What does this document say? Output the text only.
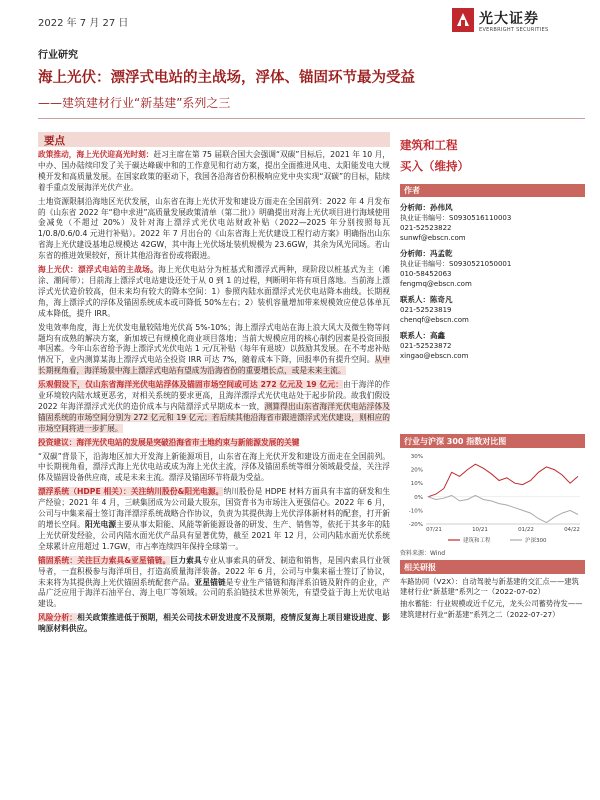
2022 年 7 月 27 日	光大证券
EVERBRIGHT SECURITIES
行业研究
海上光伏：漂浮式电站的主战场，浮体、锚固环节最为受益
——建筑建材行业“新基建”系列之三
要点

政策推动，海上光伏迎高光时刻：赶习主席在第 75 届联合国大会强调“双碳”目标后，2021 年 10 月，中办、国办陆续印发了关于碳达峰碳中和的工作意见和行动方案，提出全面推进风电、太阳能发电大规模开发和高质量发展。在国家政策的驱动下，我国各沿海省份积极响应党中央实现“双碳”的目标，陆续着手重点发展海洋光伏产业。

土地资源限制沿海地区光伏发展，山东省在海上光伏开发和建设方面走在全国前列：2022 年 4 月发布的《山东省 2022 年“稳中求进”高质量发展政策清单（第二批）》明确提出对海上光伏项目进行海域使用金减免（不超过 20%）及针对海上漂浮式光伏电站财政补贴（2022—2025 年分别按照每瓦 1/0.8/0.6/0.4 元进行补贴）。2022 年 7 月出台的《山东省海上光伏建设工程行动方案》明确指出山东省海上光伏建设基地总规模达 42GW，其中海上光伏场址装机规模为 23.6GW，其余为风光同场。若山东省的推进效果较好，预计其他沿海省份或将跟进。

海上光伏：漂浮式电站的主战场。海上光伏电站分为桩基式和漂浮式两种，现阶段以桩基式为主（滩涂、潮间带）；目前海上漂浮式电站建设还处于从 0 到 1 的过程，判断明年将有项目落地。当前海上漂浮式光伏造价较高，但未来均有较大的降本空间：1）参照内陆水面漂浮式光伏电站降本曲线。长期视角，海上漂浮式的浮体及锚固系统成本或可降低 50%左右；2）装机容量增加带来规模效应使总体单瓦成本降低，提升 IRR。

发电效率角度，海上光伏发电量较陆地光伏高 5%-10%；海上漂浮式电站在海上浪大风大及微生物等问题均有成熟的解决方案，新加坡已有规模化商业项目落地；当前大规模应用的核心制约因素是投资回报率因素。今年山东省给予海上漂浮式光伏电站 1 元/瓦补贴（每年有退坡）以鼓励其发展。在不考虑补贴情况下，业内测算某海上漂浮式电站全投资 IRR 可达 7%，随着成本下降，回报率仍有提升空间。从中长期视角看，海洋场景中海上漂浮式电站有望成为沿海省份的重要增长点，或是未来主流。

乐观假设下，仅山东省海洋光伏电站浮体及锚固市场空间或可达 272 亿元及 19 亿元：由于海洋的作业环境较内陆水域更恶劣，对相关系统的要求更高，且海洋漂浮式光伏电站处于起步阶段。故我们假设 2022 年海洋漂浮式光伏的造价成本与内陆漂浮式早期成本一致，测算得出山东省海洋光伏电站浮体及锚固系统的市场空间分别为 272 亿元和 19 亿元；若后续其他沿海省市跟进漂浮式光伏建设，则相应的市场空间将进一步扩展。

投资建议：海洋光伏电站的发展是突破沿海省市土地约束与新能源发展的关键

“双碳”背景下，沿海地区加大开发海上新能源项目，山东省在海上光伏开发和建设方面走在全国前列。中长期视角看，漂浮式海上光伏电站或成为海上光伏主流，浮体及锚固系统等细分领域最受益，关注浮体及锚固设备供应商，或是未来主流。漂浮及锚固环节将最为受益。

漂浮系统（HDPE 相关）：关注纳川股份&阳光电源。纳川股份是 HDPE 材料方面具有丰富的研发和生产经验；2021 年 4 月，三峡集团成为公司最大股东，国资背书为市场注入更强信心。2022 年 6 月，公司与中集来福士签订海洋漂浮系统战略合作协议，负责为其提供海上光伏浮体新材料的配套，打开新的增长空间。阳光电源主要从事太阳能、风能等新能源设备的研发、生产、销售等，依托于其多年的陆上光伏研发经验，公司内陆水面光伏产品具有显著优势，截至 2021 年 12 月，公司内陆水面光伏系统全球累计应用超过 1.7GW，市占率连续四年保持全球第一。

锚固系统：关注巨力索具&亚星锚链。巨力索具专业从事索具的研发、制造和销售，是国内索具行业领导者，一直积极参与海洋项目，打造高质量海洋装备。2022 年 6 月，公司与中集来福士签订了协议，未来将为其提供海上光伏锚固系统配套产品。亚星锚链是专业生产锚链和海洋系泊链及附件的企业，产品广泛应用于海洋石油平台、海上电厂等领域。公司的系泊链技术世界领先，有望受益于海上光伏电站建设。

风险分析：相关政策推进低于预期，相关公司技术研发进度不及预期，疫情反复海上项目建设进度、影响原材料供应。

建筑和工程
买入（维持）
作者
分析师：孙伟风
执业证书编号：S0930516110003
021-52523822
sunwf@ebscn.com
分析师：冯孟乾
执业证书编号：S0930521050001
010-58452063
fengmq@ebscn.com
联系人：陈奇凡
021-52523819
chenqf@ebscn.com
联系人：高鑫
021-52523872
xingao@ebscn.com
行业与沪深 300 指数对比图
30%
20%
10%
0%
-10%
-20%
07/21	10/21	01/22	04/22
建筑和工程	沪深300
资料来源：Wind
相关研报

车路协同（V2X）：自动驾驶与新基建的交汇点——建筑建材行业“新基建”系列之一（2022-07-02）

抽水蓄能：行业规模或近千亿元，龙头公司蓄势待发——建筑建材行业“新基建”系列之二（2022-07-27）
